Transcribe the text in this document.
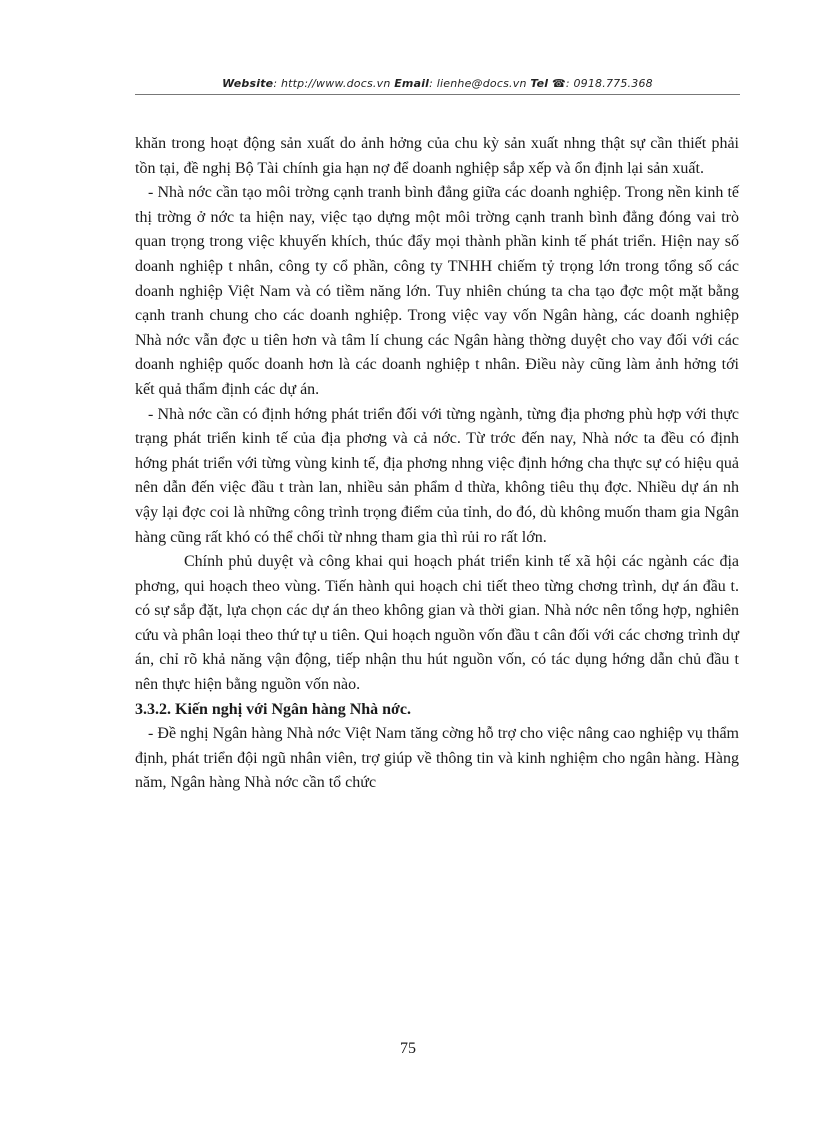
Website: http://www.docs.vn Email: lienhe@docs.vn Tel ☎: 0918.775.368

khăn trong hoạt động sản xuất do ảnh hởng của chu kỳ sản xuất nhng thật sự cần thiết phải tồn tại, đề nghị Bộ Tài chính gia hạn nợ để doanh nghiệp sắp xếp và ổn định lại sản xuất.

- Nhà nớc cần tạo môi trờng cạnh tranh bình đẳng giữa các doanh nghiệp. Trong nền kinh tế thị trờng ở nớc ta hiện nay, việc tạo dựng một môi trờng cạnh tranh bình đẳng đóng vai trò quan trọng trong việc khuyến khích, thúc đẩy mọi thành phần kinh tế phát triển. Hiện nay số doanh nghiệp t nhân, công ty cổ phần, công ty TNHH chiếm tỷ trọng lớn trong tổng số các doanh nghiệp Việt Nam và có tiềm năng lớn. Tuy nhiên chúng ta cha tạo đợc một mặt bằng cạnh tranh chung cho các doanh nghiệp. Trong việc vay vốn Ngân hàng, các doanh nghiệp Nhà nớc vẫn đợc u tiên hơn và tâm lí chung các Ngân hàng thờng duyệt cho vay đối với các doanh nghiệp quốc doanh hơn là các doanh nghiệp t nhân. Điều này cũng làm ảnh hởng tới kết quả thẩm định các dự án.

- Nhà nớc cần có định hớng phát triển đối với từng ngành, từng địa phơng phù hợp với thực trạng phát triển kinh tế của địa phơng và cả nớc. Từ trớc đến nay, Nhà nớc ta đều có định hớng phát triển với từng vùng kinh tế, địa phơng nhng việc định hớng cha thực sự có hiệu quả nên dẫn đến việc đầu t tràn lan, nhiều sản phẩm d thừa, không tiêu thụ đợc. Nhiều dự án nh vậy lại đợc coi là những công trình trọng điểm của tỉnh, do đó, dù không muốn tham gia Ngân hàng cũng rất khó có thể chối từ nhng tham gia thì rủi ro rất lớn.

Chính phủ duyệt và công khai qui hoạch phát triển kinh tế xã hội các ngành các địa phơng, qui hoạch theo vùng. Tiến hành qui hoạch chi tiết theo từng chơng trình, dự án đầu t. có sự sắp đặt, lựa chọn các dự án theo không gian và thời gian. Nhà nớc nên tổng hợp, nghiên cứu và phân loại theo thứ tự u tiên. Qui hoạch nguồn vốn đầu t cân đối với các chơng trình dự án, chỉ rõ khả năng vận động, tiếp nhận thu hút nguồn vốn, có tác dụng hớng dẫn chủ đầu t nên thực hiện bằng nguồn vốn nào.

3.3.2. Kiến nghị với Ngân hàng Nhà nớc.

- Đề nghị Ngân hàng Nhà nớc Việt Nam tăng cờng hỗ trợ cho việc nâng cao nghiệp vụ thẩm định, phát triển đội ngũ nhân viên, trợ giúp về thông tin và kinh nghiệm cho ngân hàng. Hàng năm, Ngân hàng Nhà nớc cần tổ chức

75
